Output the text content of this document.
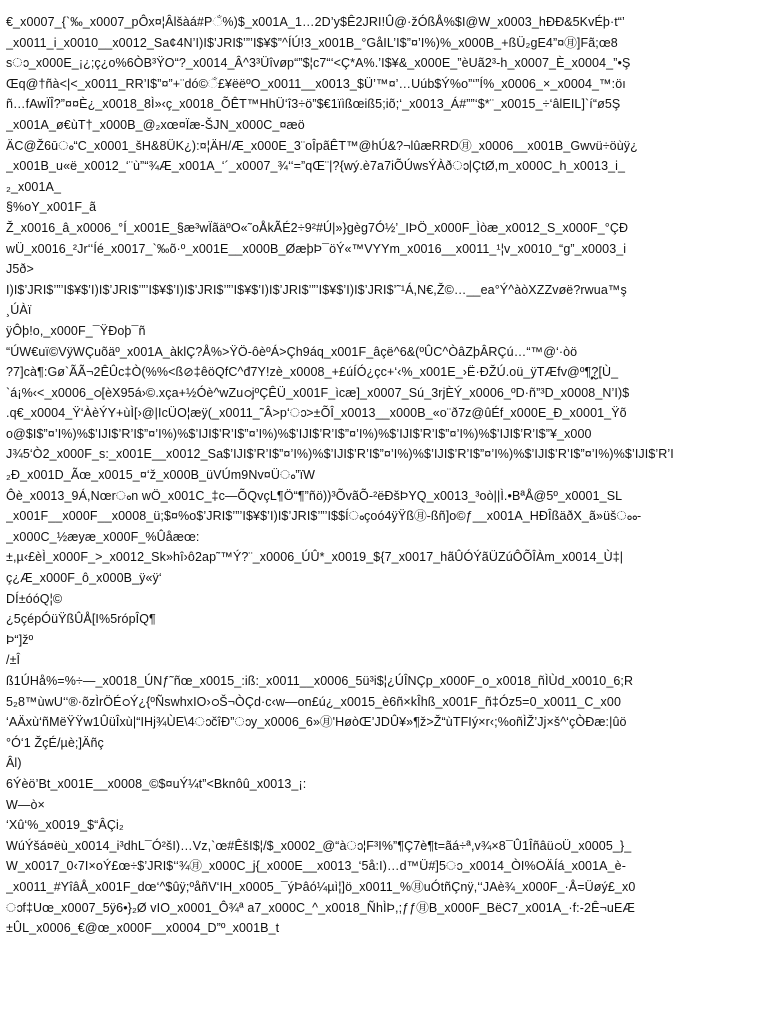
€_x0007_{`‰_x0007_pÔx¤¦Âlšàá#Pଁ%)$_x001A_1…2D’y$Ê2JRI!Û@·žÓßÅ%$I@W_x0003_hĐĐ&5KvÉþ·t“’
_x0011_i_x0010__x0012_Sa¢4N’I)I$’JRI$’”’I$¥$”^ÍÚ!3_x001B_°GåIL’I$”¤’I%)%_x000B_+ßÜ₂gE4”¤㊊]Fã;œ8
sാ_x000E_¡¿;ç¿o%6ÒB³ŸO“?_x0014_Â^3³Üîvøp“”$¦c7“‘<Ç*A%.’I$¥&_x000E_”èUã2³-h_x0007_È_x0004_”•Ş
Œq@†ñà<|<_x0011_RR’I$”¤”+¨dó©ଁ£¥ëëºO_x0011__x0013_$Ü’™¤’…Uúb$Ý%o”‘”Í%_x0006_×_x0004_™:öı
ñ…fAwÏÎ?”¤¤È¿_x0018_8Ì»‹ç_x0018_ÕÊT™HhÜ‘î3÷ö”$€1ïìßœiß5;iõ;‘_x0013_Á#””‘$*¨_x0015_÷‘âlEIL]`í“ø5Ş
_x001A_ø€ùT†_x000B_@₂xœ¤Ïæ-ŠJN_x000C_¤æö
ÄC@Ž6ūം“C_x0001_šH&8ÜK¿):¤¦ÄH/Æ_x000E_3¨oÎpãÊT™@hÚ&?¬lûæRRD㊊_x0006__x001B_Gwvü÷öùÿ¿
_x001B_u«ë_x0012_‘¨ù”“¾Æ_x001A_‘´_x0007_¾‘‘=”qŒ¨|?{wý.è7a7iÕÚwsÝÀðാ|ÇtØ,m_x000C_h_x0013_i_
₂_x001A_
§%oY_x001F_ã
Ž_x0016_â_x0006_°Í_x001E_§æ³wÏãäºO«˜oÅkÃÉ2÷9²#Ú|»}gèg7Ó½’_IÞÖ_x000F_Ìòæ_x0012_S_x000F_°ÇĐ
wÜ_x0016_²Jr‘‘Íé_x0017_`‰õ·º_x001E__x000B_ØæþÞ¯öÝ«™VYYm_x0016__x0011_¹¦v_x0010_“g”_x0003_i
J5ð>
I)I$’JRI$’”’I$¥$’I)I$’JRI$’”’I$¥$’I)I$’JRI$’”’I$¥$’I)I$’JRI$’”’I$¥$’I)I$’JRI$’˜¹Á,N€,Ž©…__ea°Ý^àòXZZvøë?rwua™ş
¸ÚÀï
ÿÔþ!o,_x000F_¯ŸÐoþ¯ñ
“ÚW€uï©VÿWÇuõäº_x001A_àklÇ?Å%>ŸÖ-ôèºÁ>Çh9áq_x001F_âçë^6&(ºÛC^ÒâZþÂRÇú…“™@‘·òö
?7]cà¶:Gø`ÃÃ¬2ÊÛc‡Ò(%%<ß⊘‡êöQfC^đ7Y!zè_x0008_+£úÍÓ¿çc+‘‹%_x001E_›Ë·ÐŽÚ.oü_ÿTÆfv@º¶?ຼ[Ù_
`á¡%‹<_x0006_ഠ[èX95á›©.xça+½Óè^wZuഠjºÇÊÜ_x001F_ìcæ]_x0007_Sú_3rjÈÝ_x0006_ºD·ñ”³D_x0008_N’I)$
.q€_x0004_Ÿ‘ÀèÝY+ùÌ[›@|IcÜO¦æÿ(_x0011_˜Â>p‘ാ>±ÕÎ_x0013__x000B_«o¨ð7z@ûÉf_x000E_Đ_x0001_Ÿõ
o@$I$”¤’I%)%$’IJI$’R’I$”¤’I%)%$’IJI$’R’I$”¤’I%)%$’IJI$’R’I$”¤’I%)%$’IJI$’R’I$”¤’I%)%$’IJI$’R’I$”¥_x000
J¾5‘Ò2_x000F_s:_x001E__x0012_Sa$’IJI$’R’I$”¤’I%)%$’IJI$’R’I$”¤’I%)%$’IJI$’R’I$”¤’I%)%$’IJI$’R’I$”¤’I%)%$’IJI$’R’I
₂Đ_x001D_Ãœ_x0015_¤‘ž_x000B_üVÚm9Nv¤Üം”ïW
Ôè_x0013_9Á,Nœrംn wÖ_x001C_‡c—ÕQvçL¶Ö“¶”ñö))³ÕvãÕ-²ëĐšÞYQ_x0013_³oò||Ì.•BªÅ@5º_x0001_SL
_x001F__x000F__x0008_ü;$¤%o$’JRI$’”’I$¥$’I)I$’JRI$’”’I$$Íംçoó4ÿŸß㊊-ßñ]o©ƒ__x001A_HĐÎßäðX_ã»üšംം-
_x000C_½æyæ_x000F_%Ûåæœ:
±,µ‹£èÌ_x000F_>_x0012_Sk»hî›ô2ap˜™Ý?¨_x0006_ÚÛ*_x0019_${7_x0017_hãÛÓÝãÜZúÔÕÎÀm_x0014_Ù‡|
ç¿Æ_x000F_ô_x000B_ÿ«ÿ‘
DÍ±óóQ¦©
¿5çépÓüŸßÛÅ[I%5rópÎQ¶
Þ“]žº
/±Î
ß1ÚHå%=%÷—_x0018_ÚNƒ˜ñœ_x0015_:iß:_x0011__x0006_5ü³i$¦¿ÚÎNÇp_x000F_o_x0018_ñÌÙd_x0010_6;R
5₂8™ùwU‘‘®·õzÌrÖÉഠÝ¿{ºÑswhxIO›ഠŠ¬ÒÇd·c‹w—on£ú¿_x0015_è6ñ×kÎhß_x001F_ñ‡Óz5=0_x0011_C_x00
‘AÄxù‘ñMëŸŸw1ÛüÎxù|“IHj¾ÙE\4ാčîÐ”ാy_x0006_6»㊊'HøòŒ’JDÛ¥»¶ž>Ž“ùTFIý×r‹;%oñÌŽ’Jj×š^‘çÒÐæ:|ûö
°Ó‘1 ŽçÉ/µè;]Äñç
Âl)
6Ýèö’Bt_x001E__x0008_©$¤uÝ¼t”<Bknôû_x0013_¡:
W—ò×
‘Xû‘%_x0019_$“ÂÇi₂
WúÝšá¤ëù_x0014_i³dhL¯Ó²šI)…Vz,`œ#ÊšI$¦/$_x0002_@“àാ¦F³I%”¶Ç7è¶t=ãá÷ª,v¾×8¯Û1ÎñâüഠÜ_x0005_}_
W_x0017_0‹7I×oÝ£œ÷$’JRI$‘‘¾㊊_x000C_j{_x000E__x0013_‘5å:I)…d™Ü#]5ാ_x0014_ÒI%OÄÍá_x001A_è-
_x0011_#YîâÅ_x001F_dœ‘^$ûÿ;ºåñV‘IH_x0005_¯ýÞâó¼µì¦]ö_x0011_%㊊uÓtñÇnÿ,‘‘JAè¾_x000F_·Å=Üøý£_x0
ാf‡Uœ_x0007_5ÿ6•}₂Ø vIO_x0001_Ô¾ª a7_x000C_^_x0018_ÑhÌÞ,;ƒƒ㊊B_x000F_BëC7_x001A_·f:-2Ê¬uEÆ
±ÛL_x0006_€@œ_x000F__x0004_D”º_x001B_t
